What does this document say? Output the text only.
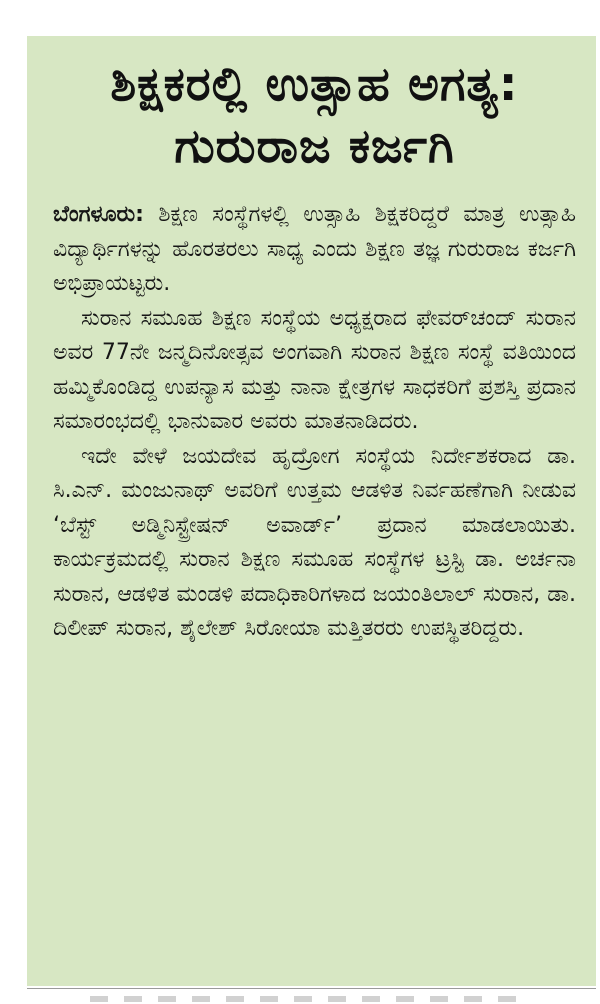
ಶಿಕ್ಷಕರಲ್ಲಿ ಉತ್ಸಾಹ ಅಗತ್ಯ:
ಗುರುರಾಜ ಕರ್ಜಗಿ

ಬೆಂಗಳೂರು: ಶಿಕ್ಷಣ ಸಂಸ್ಥೆಗಳಲ್ಲಿ ಉತ್ಸಾಹಿ ಶಿಕ್ಷಕರಿದ್ದರೆ ಮಾತ್ರ ಉತ್ಸಾಹಿ ವಿದ್ಯಾರ್ಥಿಗಳನ್ನು ಹೊರತರಲು ಸಾಧ್ಯ ಎಂದು ಶಿಕ್ಷಣ ತಜ್ಞ ಗುರುರಾಜ ಕರ್ಜಗಿ ಅಭಿಪ್ರಾಯಟ್ಟರು.

ಸುರಾನ ಸಮೂಹ ಶಿಕ್ಷಣ ಸಂಸ್ಥೆಯ ಅಧ್ಯಕ್ಷರಾದ ಫೇವರ್‌ಚಂದ್ ಸುರಾನ ಅವರ 77ನೇ ಜನ್ಮದಿನೋತ್ಸವ ಅಂಗವಾಗಿ ಸುರಾನ ಶಿಕ್ಷಣ ಸಂಸ್ಥೆ ವತಿಯಿಂದ ಹಮ್ಮಿಕೊಂಡಿದ್ದ ಉಪನ್ಯಾಸ ಮತ್ತು ನಾನಾ ಕ್ಷೇತ್ರಗಳ ಸಾಧಕರಿಗೆ ಪ್ರಶಸ್ತಿ ಪ್ರದಾನ ಸಮಾರಂಭದಲ್ಲಿ ಭಾನುವಾರ ಅವರು ಮಾತನಾಡಿದರು.

ಇದೇ ವೇಳೆ ಜಯದೇವ ಹೃದ್ರೋಗ ಸಂಸ್ಥೆಯ ನಿರ್ದೇಶಕರಾದ ಡಾ. ಸಿ.ಎನ್. ಮಂಜುನಾಥ್ ಅವರಿಗೆ ಉತ್ತಮ ಆಡಳಿತ ನಿರ್ವಹಣೆಗಾಗಿ ನೀಡುವ ‘ಬೆಸ್ಟ್ ಅಡ್ಮಿನಿಸ್ಟ್ರೇಷನ್ ಅವಾರ್ಡ್’ ಪ್ರದಾನ ಮಾಡಲಾಯಿತು. ಕಾರ್ಯಕ್ರಮದಲ್ಲಿ ಸುರಾನ ಶಿಕ್ಷಣ ಸಮೂಹ ಸಂಸ್ಥೆಗಳ ಟ್ರಸ್ಟಿ ಡಾ. ಅರ್ಚನಾ ಸುರಾನ, ಆಡಳಿತ ಮಂಡಳಿ ಪದಾಧಿಕಾರಿಗಳಾದ ಜಯಂತಿಲಾಲ್ ಸುರಾನ, ಡಾ. ದಿಲೀಪ್ ಸುರಾನ, ಶೈಲೇಶ್ ಸಿರೋಯಾ ಮತ್ತಿತರರು ಉಪಸ್ಥಿತರಿದ್ದರು.
